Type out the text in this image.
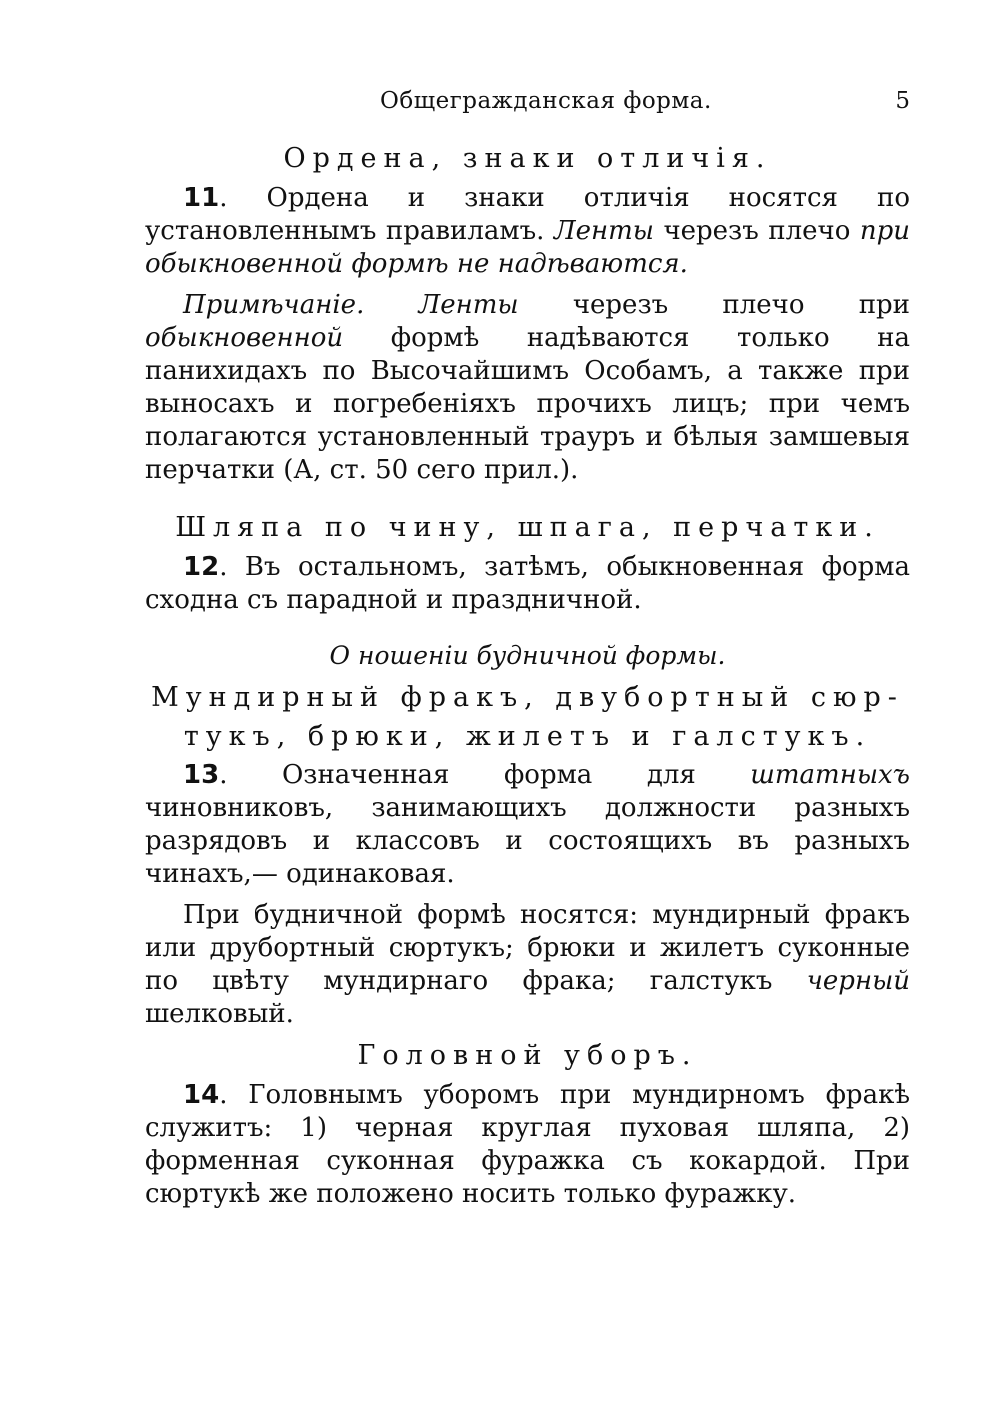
Общегражданская форма.	5
Ордена, знаки отличія.

11. Ордена и знаки отличія носятся по установленнымъ правиламъ. Ленты черезъ плечо при обыкновенной формѣ не надѣваются.

Примѣчаніе. Ленты черезъ плечо при обыкновенной формѣ надѣваются только на панихидахъ по Высочайшимъ Особамъ, а также при выносахъ и погребеніяхъ прочихъ лицъ; при чемъ полагаются установленный трауръ и бѣлыя замшевыя перчатки (А, ст. 50 сего прил.).

Шляпа по чину, шпага, перчатки.

12. Въ остальномъ, затѣмъ, обыкновенная форма сходна съ парадной и праздничной.

О ношеніи будничной формы.
Мундирный фракъ, двубортный сюр-
тукъ, брюки, жилетъ и галстукъ.

13. Означенная форма для штатныхъ чиновниковъ, занимающихъ должности разныхъ разрядовъ и классовъ и состоящихъ въ разныхъ чинахъ,— одинаковая.

При будничной формѣ носятся: мундирный фракъ или друбортный сюртукъ; брюки и жилетъ суконные по цвѣту мундирнаго фрака; галстукъ черный шелковый.

Головной уборъ.

14. Головнымъ уборомъ при мундирномъ фракѣ служитъ: 1) черная круглая пуховая шляпа, 2) форменная суконная фуражка съ кокардой. При сюртукѣ же положено носить только фуражку.
